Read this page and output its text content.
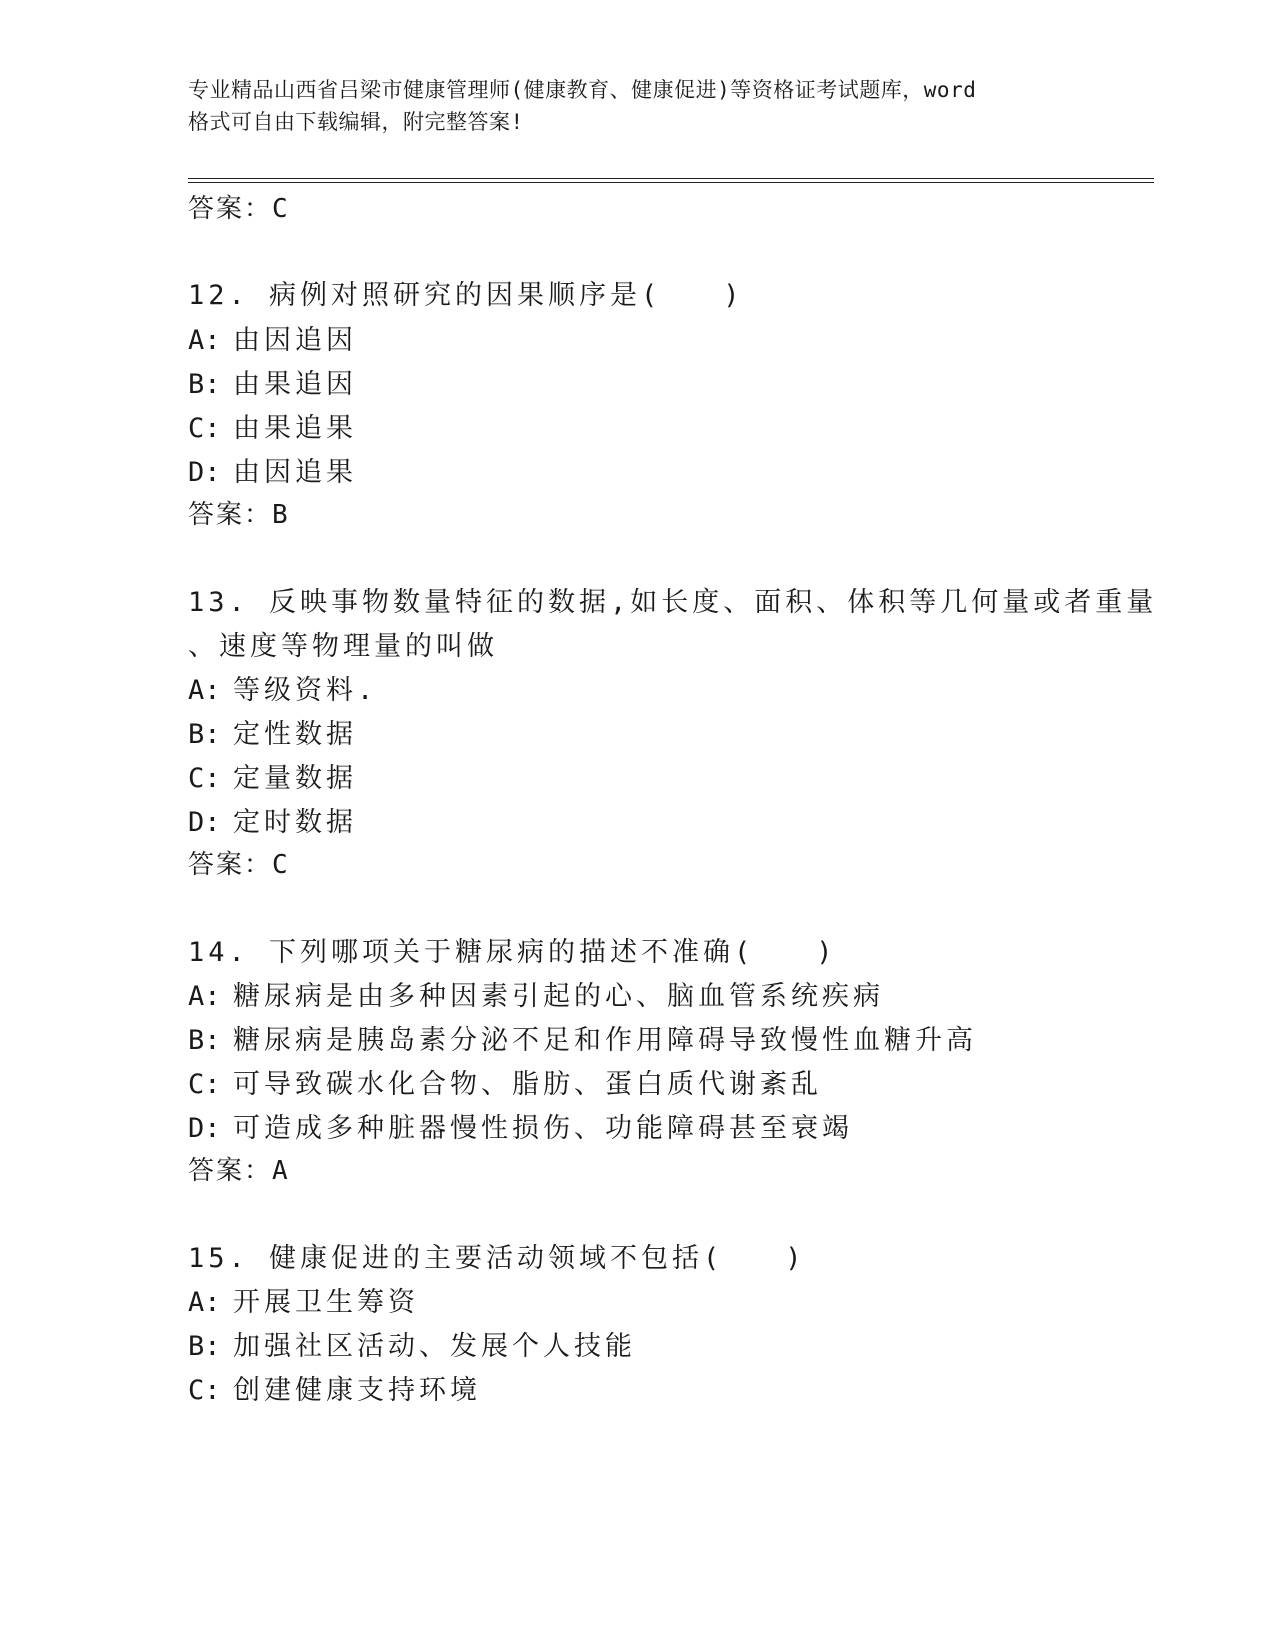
专业精品山西省吕梁市健康管理师(健康教育、健康促进)等资格证考试题库，word
格式可自由下载编辑，附完整答案!
答案：C
12. 病例对照研究的因果顺序是(　　)
A: 由因追因
B: 由果追因
C: 由果追果
D: 由因追果
答案：B
13. 反映事物数量特征的数据,如长度、面积、体积等几何量或者重量
、速度等物理量的叫做
A: 等级资料.
B: 定性数据
C: 定量数据
D: 定时数据
答案：C
14. 下列哪项关于糖尿病的描述不准确(　　)
A: 糖尿病是由多种因素引起的心、脑血管系统疾病
B: 糖尿病是胰岛素分泌不足和作用障碍导致慢性血糖升高
C: 可导致碳水化合物、脂肪、蛋白质代谢紊乱
D: 可造成多种脏器慢性损伤、功能障碍甚至衰竭
答案：A
15. 健康促进的主要活动领域不包括(　　)
A: 开展卫生筹资
B: 加强社区活动、发展个人技能
C: 创建健康支持环境
